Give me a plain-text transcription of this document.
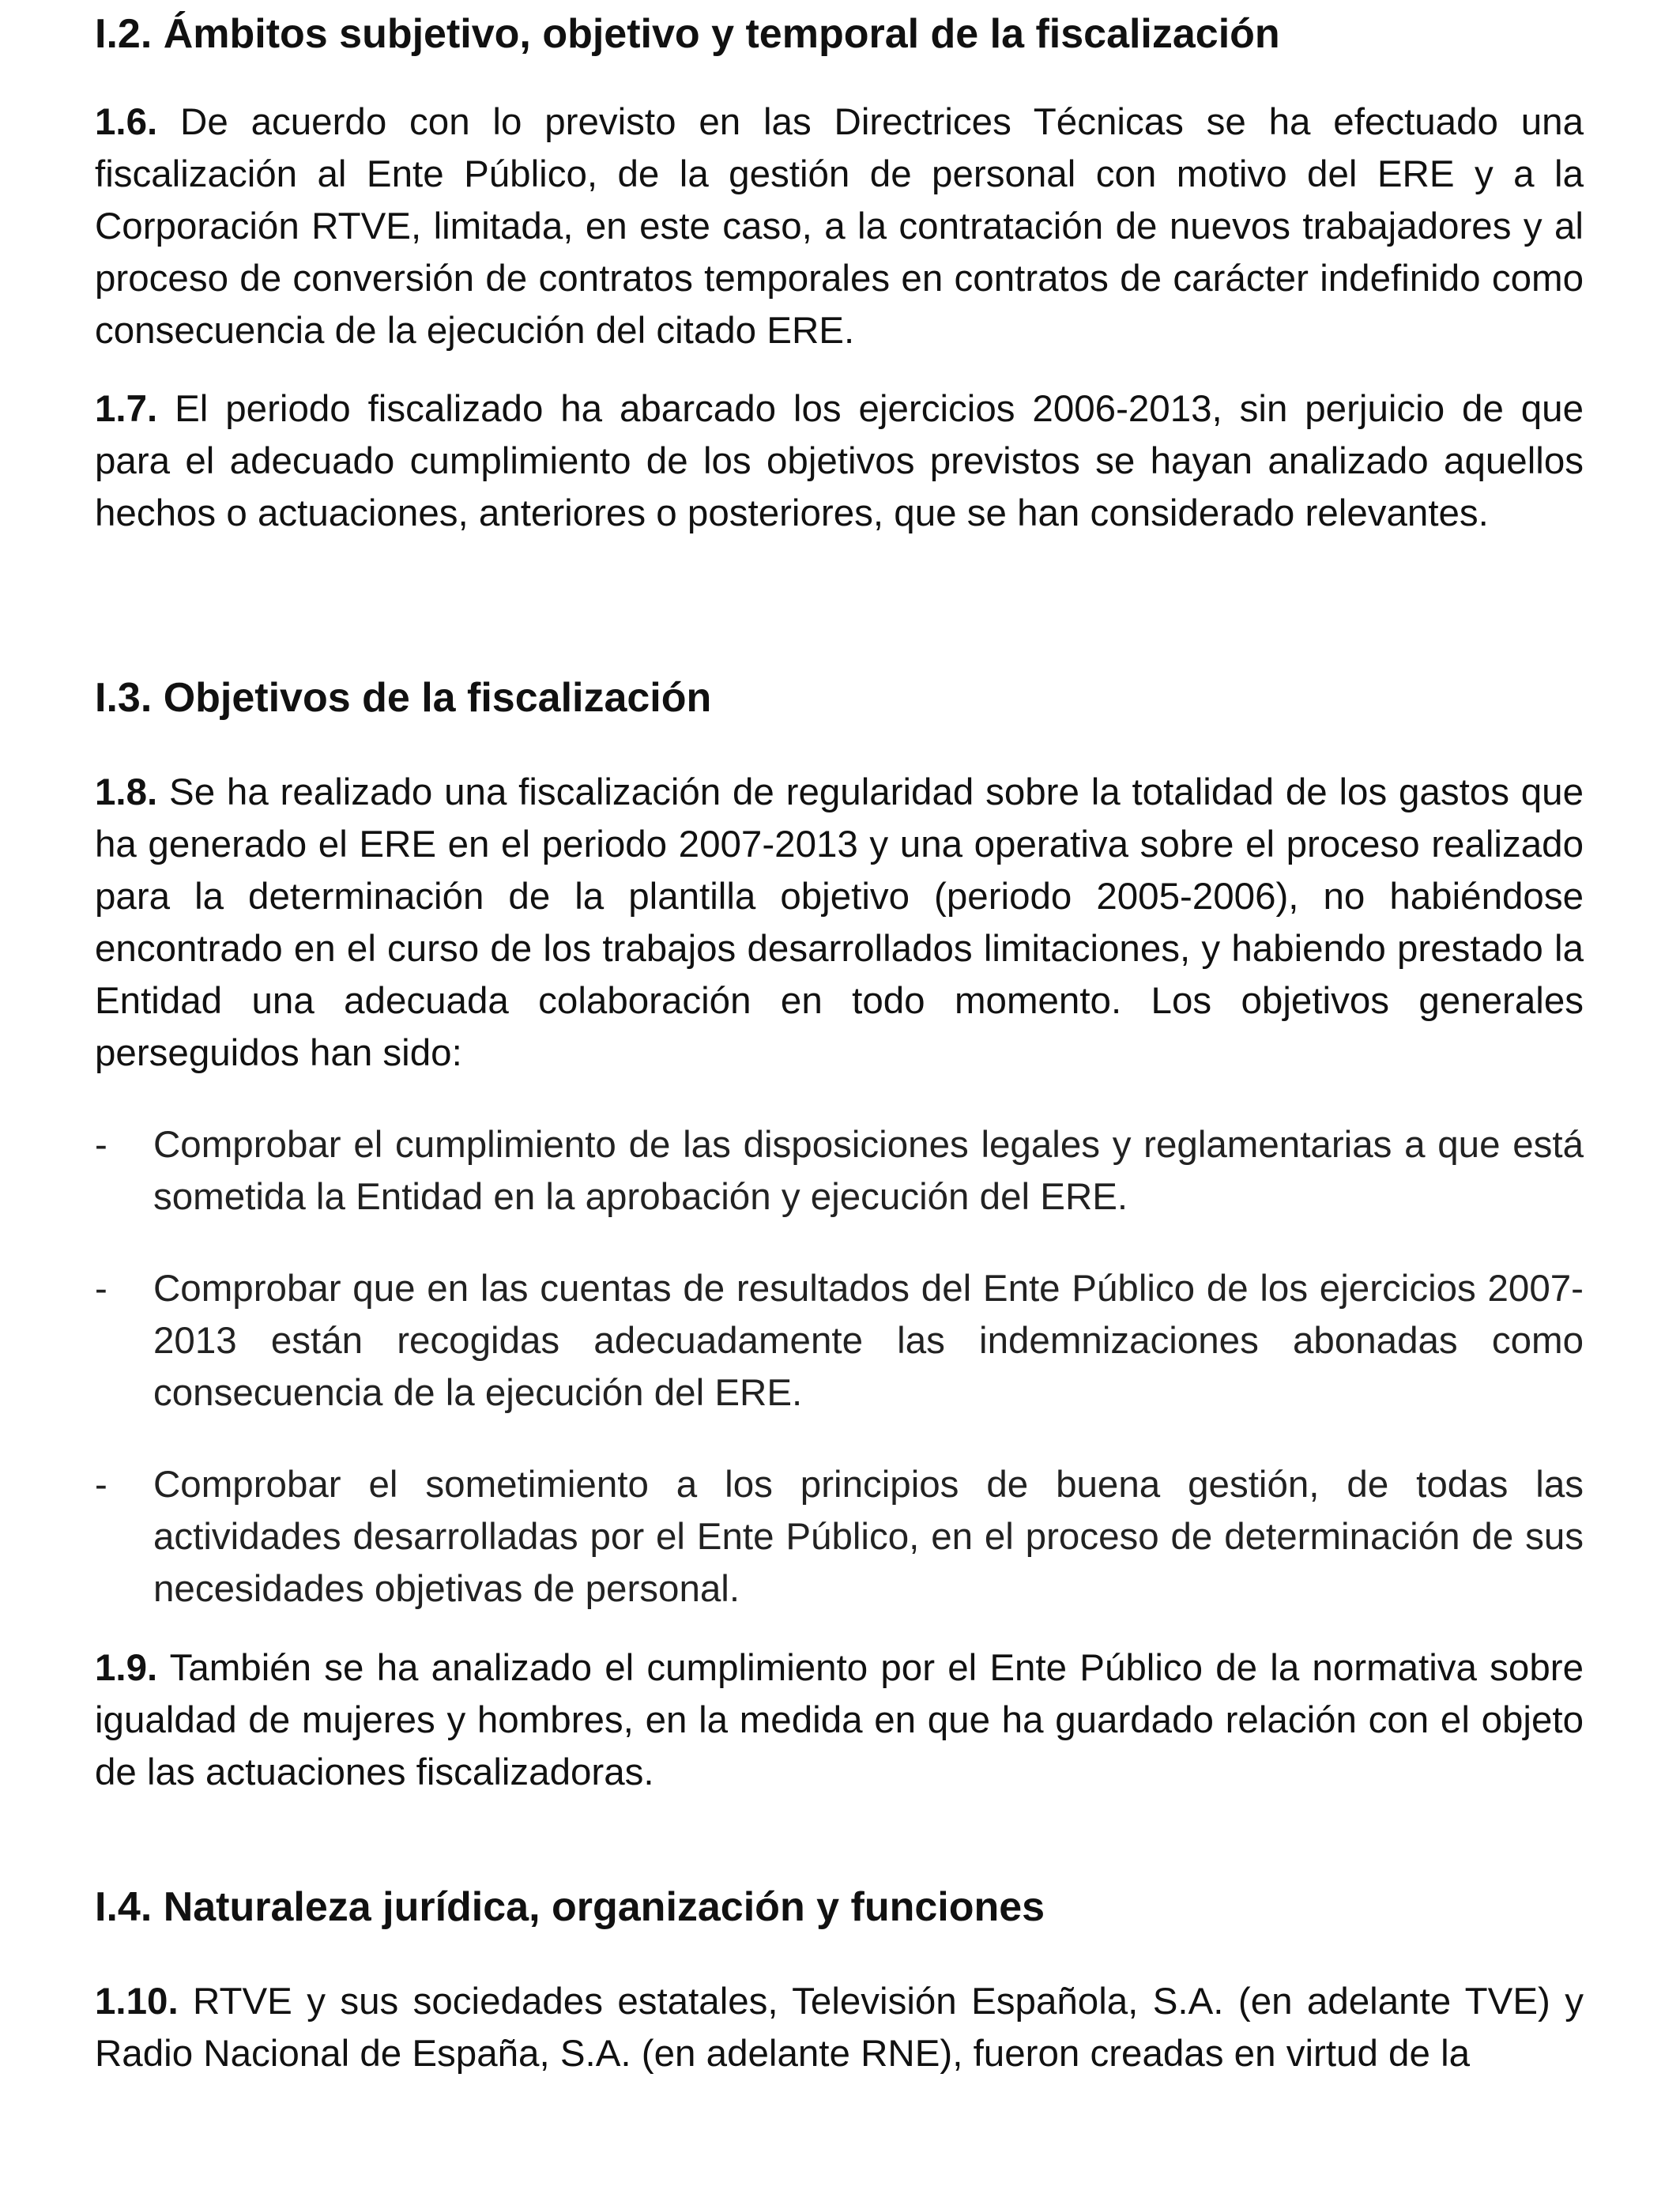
I.2. Ámbitos subjetivo, objetivo y temporal de la fiscalización
1.6. De acuerdo con lo previsto en las Directrices Técnicas se ha efectuado una fiscalización al Ente Público, de la gestión de personal con motivo del ERE y a la Corporación RTVE, limitada, en este caso, a la contratación de nuevos trabajadores y al proceso de conversión de contratos temporales en contratos de carácter indefinido como consecuencia de la ejecución del citado ERE.
1.7. El periodo fiscalizado ha abarcado los ejercicios 2006-2013, sin perjuicio de que para el adecuado cumplimiento de los objetivos previstos se hayan analizado aquellos hechos o actuaciones, anteriores o posteriores, que se han considerado relevantes.
I.3. Objetivos de la fiscalización
1.8. Se ha realizado una fiscalización de regularidad sobre la totalidad de los gastos que ha generado el ERE en el periodo 2007-2013 y una operativa sobre el proceso realizado para la determinación de la plantilla objetivo (periodo 2005-2006), no habiéndose encontrado en el curso de los trabajos desarrollados limitaciones, y habiendo prestado la Entidad una adecuada colaboración en todo momento. Los objetivos generales perseguidos han sido:
-	Comprobar el cumplimiento de las disposiciones legales y reglamentarias a que está sometida la Entidad en la aprobación y ejecución del ERE.
-	Comprobar que en las cuentas de resultados del Ente Público de los ejercicios 2007-2013 están recogidas adecuadamente las indemnizaciones abonadas como consecuencia de la ejecución del ERE.
-	Comprobar el sometimiento a los principios de buena gestión, de todas las actividades desarrolladas por el Ente Público, en el proceso de determinación de sus necesidades objetivas de personal.
1.9. También se ha analizado el cumplimiento por el Ente Público de la normativa sobre igualdad de mujeres y hombres, en la medida en que ha guardado relación con el objeto de las actuaciones fiscalizadoras.
I.4. Naturaleza jurídica, organización y funciones
1.10. RTVE y sus sociedades estatales, Televisión Española, S.A. (en adelante TVE) y Radio Nacional de España, S.A. (en adelante RNE), fueron creadas en virtud de la
